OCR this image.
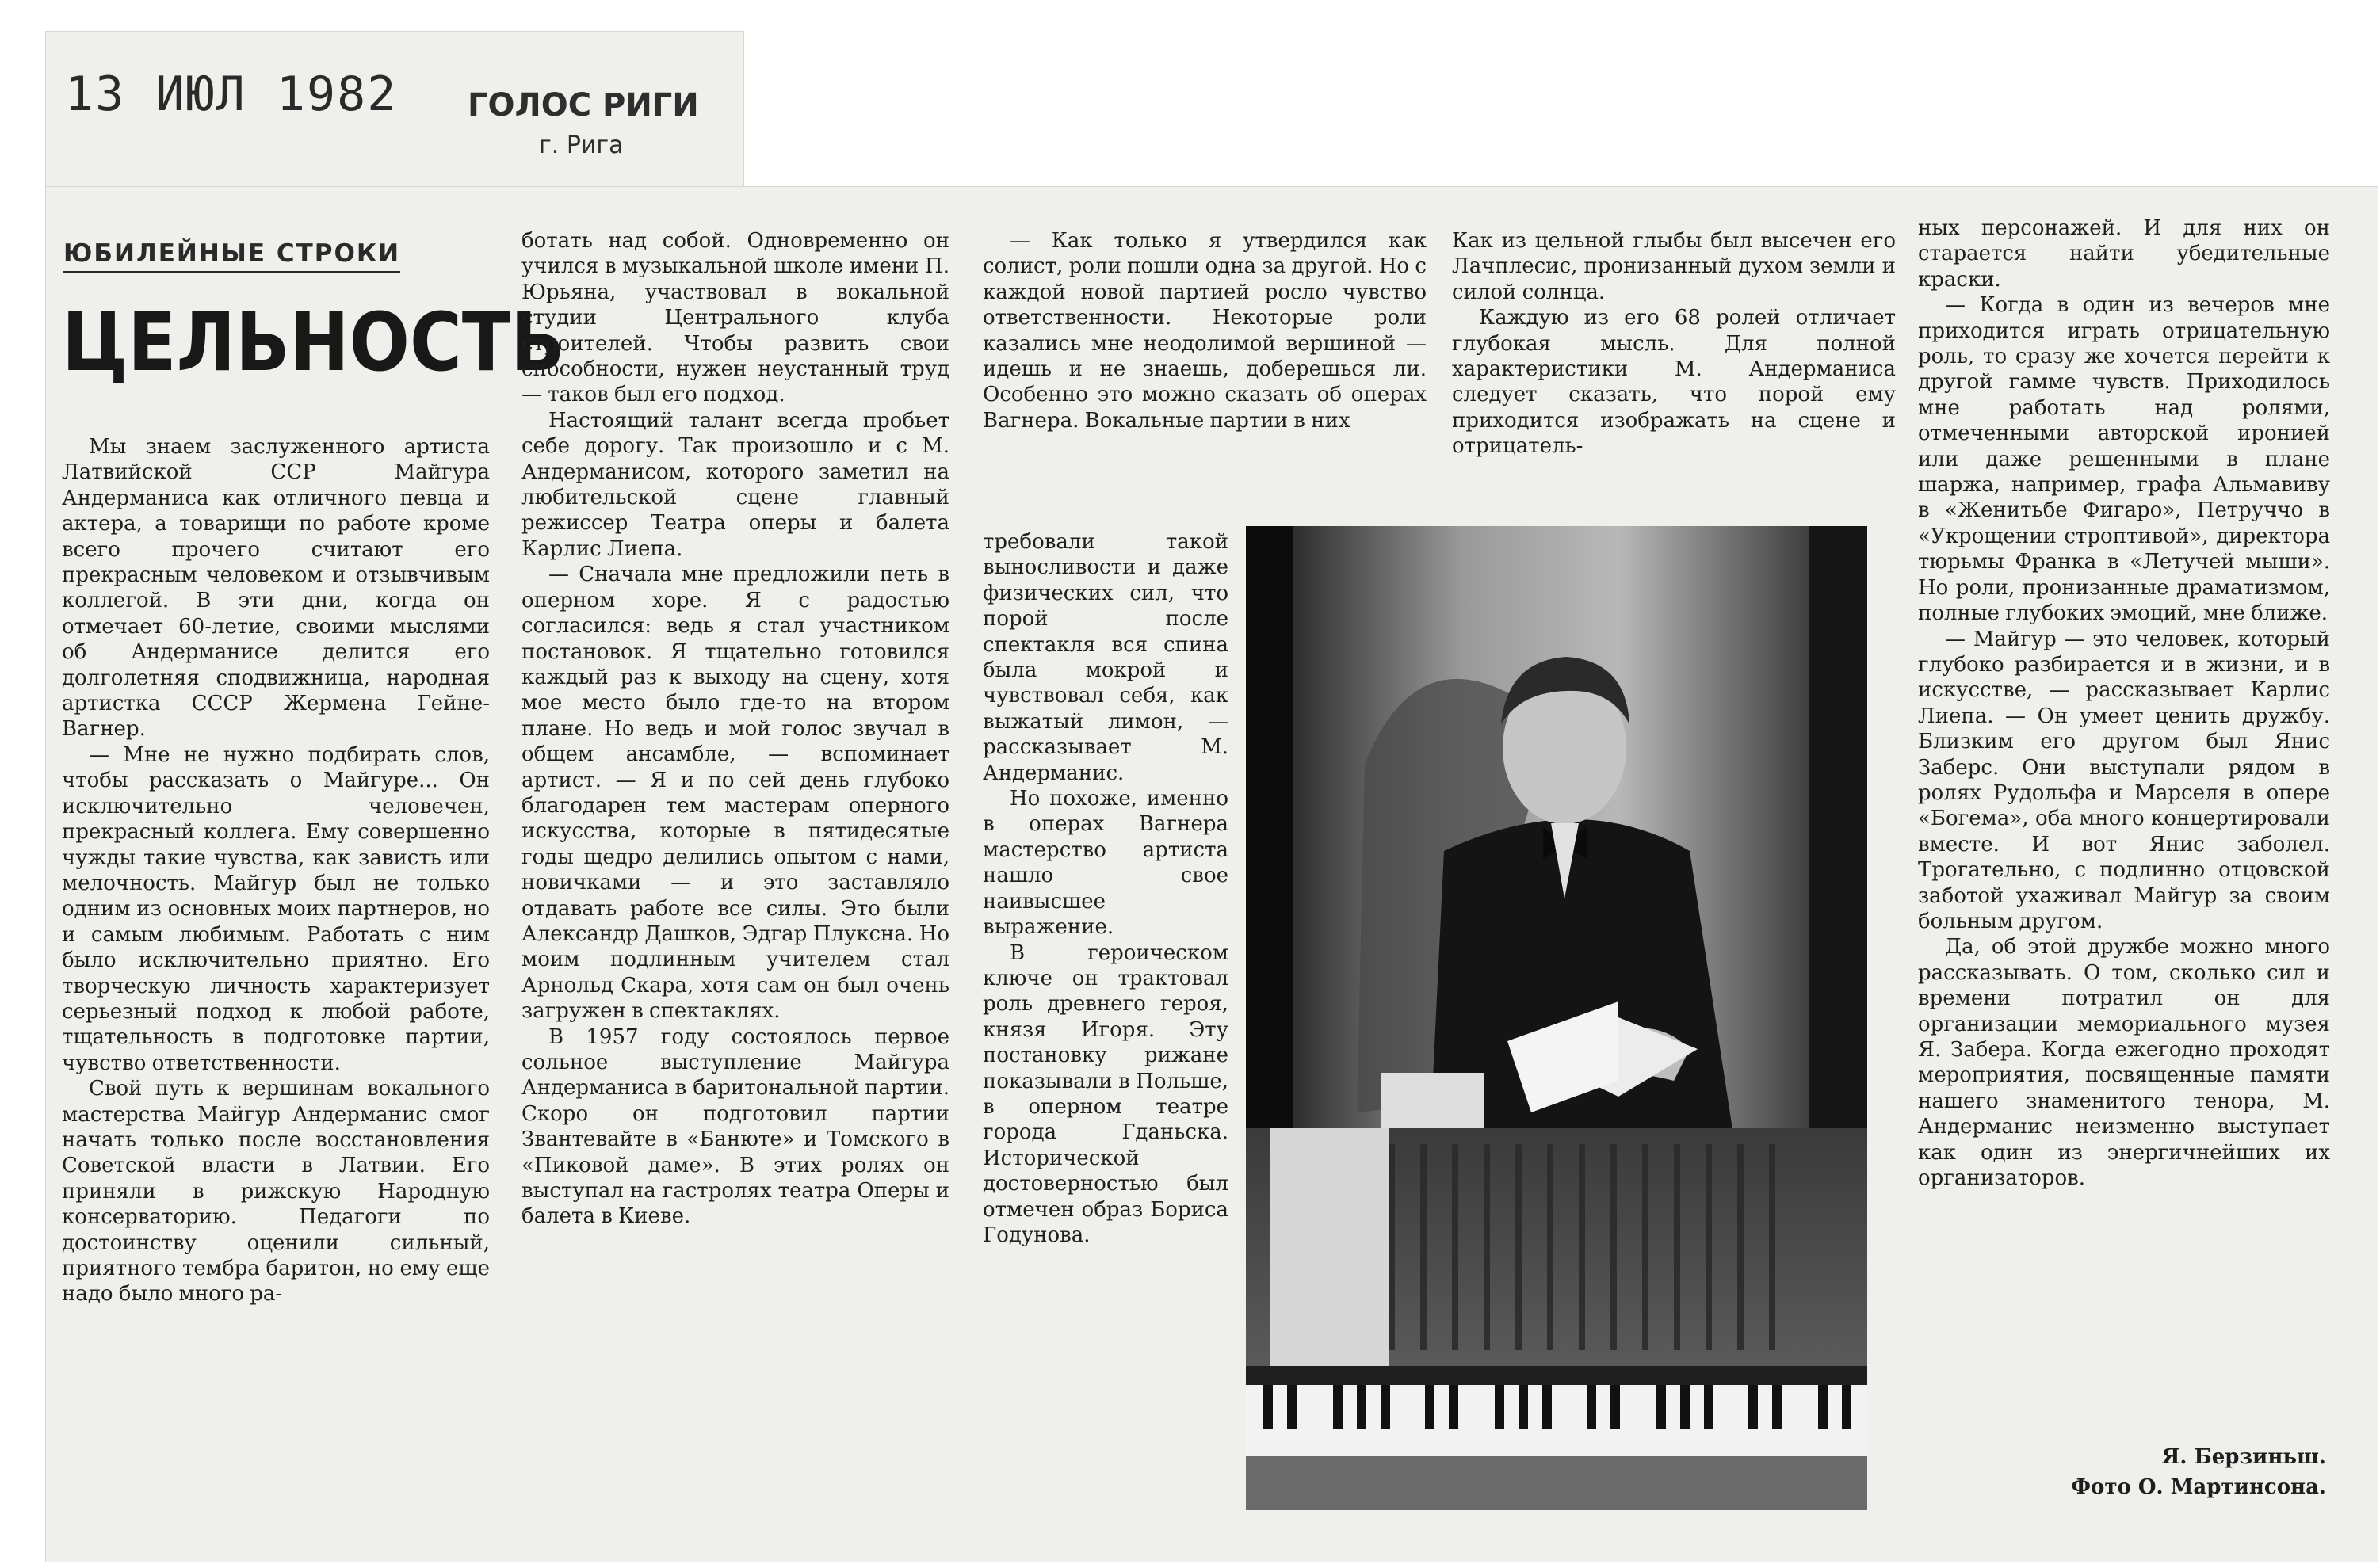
13 ИЮЛ 1982 ГОЛОС РИГИ
г. Рига
ЮБИЛЕЙНЫЕ СТРОКИ
ЦЕЛЬНОСТЬ

Мы знаем заслуженного артиста Латвийской ССР Майгура Андерманиса как отличного певца и актера, а товарищи по работе кроме всего прочего считают его прекрасным человеком и отзывчивым коллегой. В эти дни, когда он отмечает 60-летие, своими мыслями об Андерманисе делится его долголетняя сподвижница, народная артистка СССР Жермена Гейне-Вагнер.

— Мне не нужно подбирать слов, чтобы рассказать о Майгуре... Он исключительно человечен, прекрасный коллега. Ему совершенно чужды такие чувства, как зависть или мелочность. Майгур был не только одним из основных моих партнеров, но и самым любимым. Работать с ним было исключительно приятно. Его творческую личность характеризует серьезный подход к любой работе, тщательность в подготовке партии, чувство ответственности.

Свой путь к вершинам вокального мастерства Майгур Андерманис смог начать только после восстановления Советской власти в Латвии. Его приняли в рижскую Народную консерваторию. Педагоги по достоинству оценили сильный, приятного тембра баритон, но ему еще надо было много ра-

ботать над собой. Одновременно он учился в музыкальной школе имени П. Юрьяна, участвовал в вокальной студии Центрального клуба строителей. Чтобы развить свои способности, нужен неустанный труд — таков был его подход.

Настоящий талант всегда пробьет себе дорогу. Так произошло и с М. Андерманисом, которого заметил на любительской сцене главный режиссер Театра оперы и балета Карлис Лиепа.

— Сначала мне предложили петь в оперном хоре. Я с радостью согласился: ведь я стал участником постановок. Я тщательно готовился каждый раз к выходу на сцену, хотя мое место было где-то на втором плане. Но ведь и мой голос звучал в общем ансамбле, — вспоминает артист. — Я и по сей день глубоко благодарен тем мастерам оперного искусства, которые в пятидесятые годы щедро делились опытом с нами, новичками — и это заставляло отдавать работе все силы. Это были Александр Дашков, Эдгар Плуксна. Но моим подлинным учителем стал Арнольд Скара, хотя сам он был очень загружен в спектаклях.

В 1957 году состоялось первое сольное выступление Майгура Андерманиса в баритональной партии. Скоро он подготовил партии Звантевайте в «Банюте» и Томского в «Пиковой даме». В этих ролях он выступал на гастролях театра Оперы и балета в Киеве.

— Как только я утвердился как солист, роли пошли одна за другой. Но с каждой новой партией росло чувство ответственности. Некоторые роли казались мне неодолимой вершиной — идешь и не знаешь, доберешься ли. Особенно это можно сказать об операх Вагнера. Вокальные партии в них

требовали такой выносливости и даже физических сил, что порой после спектакля вся спина была мокрой и чувствовал себя, как выжатый лимон, — рассказывает М. Андерманис.

Но похоже, именно в операх Вагнера мастерство артиста нашло свое наивысшее выражение.

В героическом ключе он трактовал роль древнего героя, князя Игоря. Эту постановку рижане показывали в Польше, в оперном театре города Гданьска. Исторической достоверностью был отмечен образ Бориса Годунова.

Как из цельной глыбы был высечен его Лачплесис, пронизанный духом земли и силой солнца.

Каждую из его 68 ролей отличает глубокая мысль. Для полной характеристики М. Андерманиса следует сказать, что порой ему приходится изображать на сцене и отрицатель-

ных персонажей. И для них он старается найти убедительные краски.

— Когда в один из вечеров мне приходится играть отрицательную роль, то сразу же хочется перейти к другой гамме чувств. Приходилось мне работать над ролями, отмеченными авторской иронией или даже решенными в плане шаржа, например, графа Альмавиву в «Женитьбе Фигаро», Петруччо в «Укрощении строптивой», директора тюрьмы Франка в «Летучей мыши». Но роли, пронизанные драматизмом, полные глубоких эмоций, мне ближе.

— Майгур — это человек, который глубоко разбирается и в жизни, и в искусстве, — рассказывает Карлис Лиепа. — Он умеет ценить дружбу. Близким его другом был Янис Заберс. Они выступали рядом в ролях Рудольфа и Марселя в опере «Богема», оба много концертировали вместе. И вот Янис заболел. Трогательно, с подлинно отцовской заботой ухаживал Майгур за своим больным другом.

Да, об этой дружбе можно много рассказывать. О том, сколько сил и времени потратил он для организации мемориального музея Я. Забера. Когда ежегодно проходят мероприятия, посвященные памяти нашего знаменитого тенора, М. Андерманис неизменно выступает как один из энергичнейших их организаторов.

Я. Берзиньш.
Фото О. Мартинсона.
